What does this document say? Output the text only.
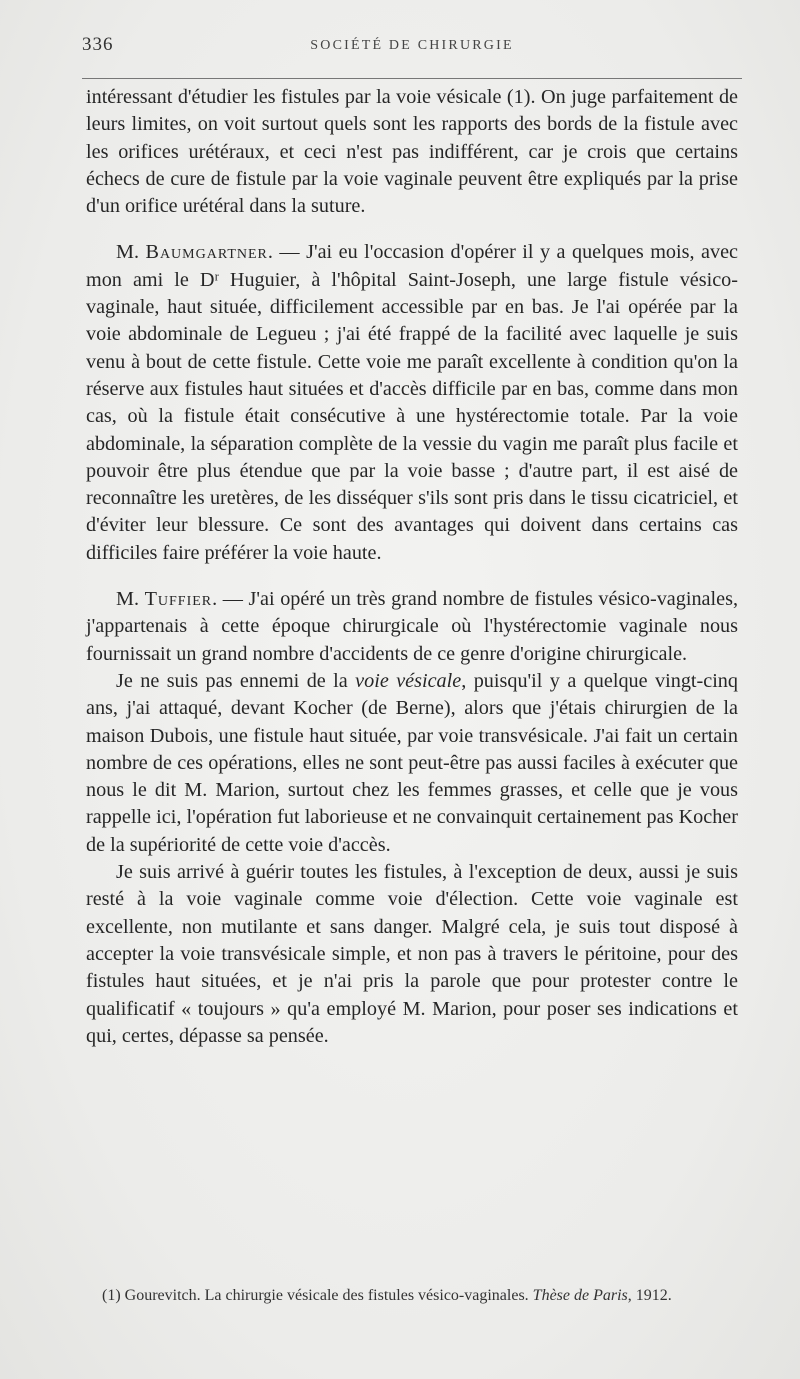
336	SOCIÉTÉ DE CHIRURGIE

intéressant d'étudier les fistules par la voie vésicale (1). On juge parfaitement de leurs limites, on voit surtout quels sont les rapports des bords de la fistule avec les orifices urétéraux, et ceci n'est pas indifférent, car je crois que certains échecs de cure de fistule par la voie vaginale peuvent être expliqués par la prise d'un orifice urétéral dans la suture.

M. Baumgartner. — J'ai eu l'occasion d'opérer il y a quelques mois, avec mon ami le Dʳ Huguier, à l'hôpital Saint-Joseph, une large fistule vésico-vaginale, haut située, difficilement accessible par en bas. Je l'ai opérée par la voie abdominale de Legueu ; j'ai été frappé de la facilité avec laquelle je suis venu à bout de cette fistule. Cette voie me paraît excellente à condition qu'on la réserve aux fistules haut situées et d'accès difficile par en bas, comme dans mon cas, où la fistule était consécutive à une hystérectomie totale. Par la voie abdominale, la séparation complète de la vessie du vagin me paraît plus facile et pouvoir être plus étendue que par la voie basse ; d'autre part, il est aisé de reconnaître les uretères, de les disséquer s'ils sont pris dans le tissu cicatriciel, et d'éviter leur blessure. Ce sont des avantages qui doivent dans certains cas difficiles faire préférer la voie haute.

M. Tuffier. — J'ai opéré un très grand nombre de fistules vésico-vaginales, j'appartenais à cette époque chirurgicale où l'hystérectomie vaginale nous fournissait un grand nombre d'accidents de ce genre d'origine chirurgicale.

Je ne suis pas ennemi de la voie vésicale, puisqu'il y a quelque vingt-cinq ans, j'ai attaqué, devant Kocher (de Berne), alors que j'étais chirurgien de la maison Dubois, une fistule haut située, par voie transvésicale. J'ai fait un certain nombre de ces opérations, elles ne sont peut-être pas aussi faciles à exécuter que nous le dit M. Marion, surtout chez les femmes grasses, et celle que je vous rappelle ici, l'opération fut laborieuse et ne convainquit certainement pas Kocher de la supériorité de cette voie d'accès.

Je suis arrivé à guérir toutes les fistules, à l'exception de deux, aussi je suis resté à la voie vaginale comme voie d'élection. Cette voie vaginale est excellente, non mutilante et sans danger. Malgré cela, je suis tout disposé à accepter la voie transvésicale simple, et non pas à travers le péritoine, pour des fistules haut situées, et je n'ai pris la parole que pour protester contre le qualificatif « toujours » qu'a employé M. Marion, pour poser ses indications et qui, certes, dépasse sa pensée.

(1) Gourevitch. La chirurgie vésicale des fistules vésico-vaginales. Thèse de Paris, 1912.
